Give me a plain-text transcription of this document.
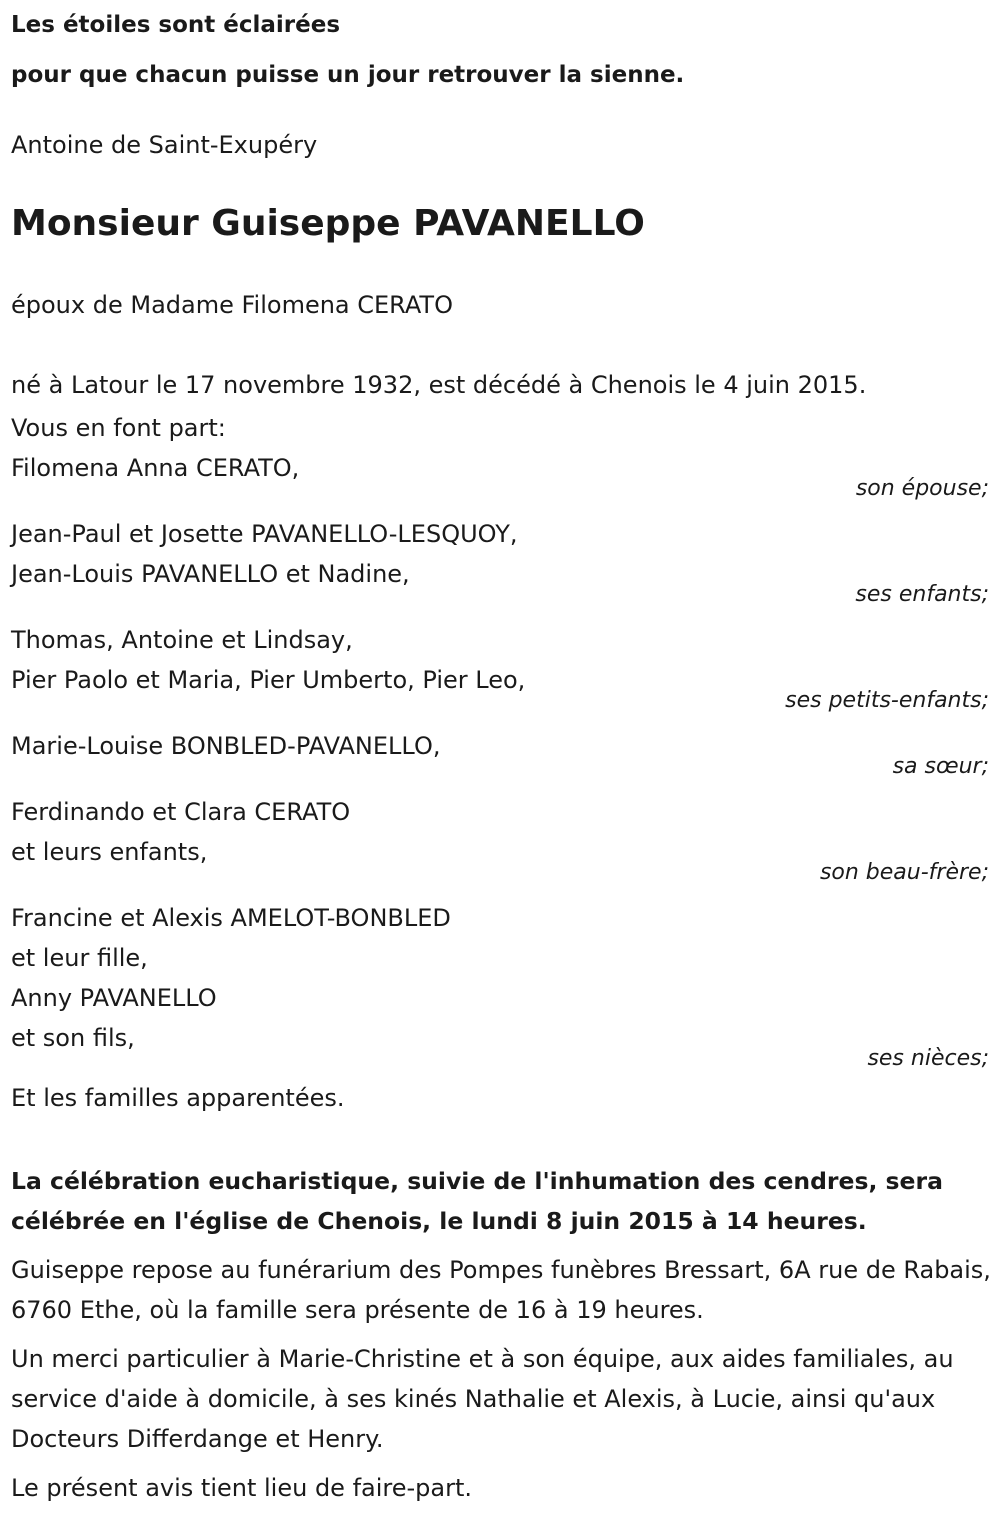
Les étoiles sont éclairées
pour que chacun puisse un jour retrouver la sienne.
Antoine de Saint-Exupéry
Monsieur Guiseppe PAVANELLO
époux de Madame Filomena CERATO
né à Latour le 17 novembre 1932, est décédé à Chenois le 4 juin 2015.
Vous en font part:
Filomena Anna CERATO,
son épouse;
Jean-Paul et Josette PAVANELLO-LESQUOY,
Jean-Louis PAVANELLO et Nadine,
ses enfants;
Thomas, Antoine et Lindsay,
Pier Paolo et Maria, Pier Umberto, Pier Leo,
ses petits-enfants;
Marie-Louise BONBLED-PAVANELLO,
sa sœur;
Ferdinando et Clara CERATO
et leurs enfants,
son beau-frère;
Francine et Alexis AMELOT-BONBLED
et leur fille,
Anny PAVANELLO
et son fils,
ses nièces;
Et les familles apparentées.
La célébration eucharistique, suivie de l'inhumation des cendres, sera célébrée en l'église de Chenois, le lundi 8 juin 2015 à 14 heures.
Guiseppe repose au funérarium des Pompes funèbres Bressart, 6A rue de Rabais, 6760 Ethe, où la famille sera présente de 16 à 19 heures.
Un merci particulier à Marie-Christine et à son équipe, aux aides familiales, au service d'aide à domicile, à ses kinés Nathalie et Alexis, à Lucie, ainsi qu'aux Docteurs Differdange et Henry.
Le présent avis tient lieu de faire-part.
